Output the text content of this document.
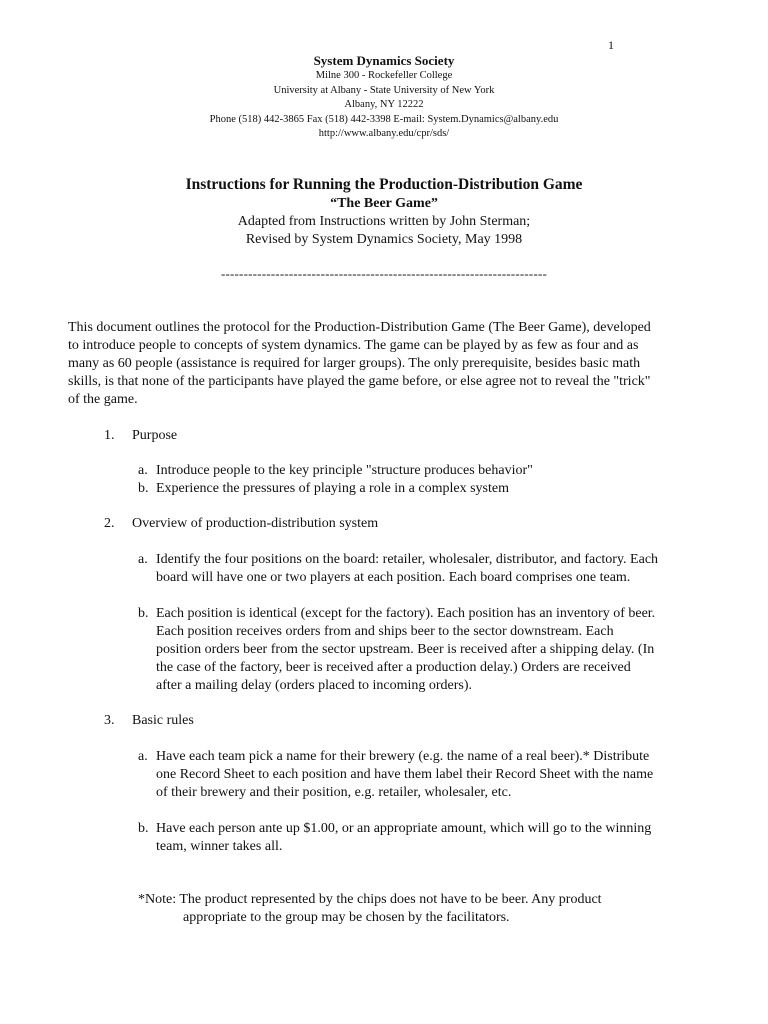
1
System Dynamics Society
Milne 300 - Rockefeller College
University at Albany - State University of New York
Albany, NY 12222
Phone (518) 442-3865 Fax (518) 442-3398 E-mail: System.Dynamics@albany.edu
http://www.albany.edu/cpr/sds/
Instructions for Running the Production-Distribution Game
“The Beer Game”
Adapted from Instructions written by John Sterman;
Revised by System Dynamics Society, May 1998
------------------------------------------------------------------------
This document outlines the protocol for the Production-Distribution Game (The Beer Game), developed
to introduce people to concepts of system dynamics. The game can be played by as few as four and as
many as 60 people (assistance is required for larger groups). The only prerequisite, besides basic math
skills, is that none of the participants have played the game before, or else agree not to reveal the "trick"
of the game.
1. Purpose
a. Introduce people to the key principle "structure produces behavior"
b. Experience the pressures of playing a role in a complex system
2. Overview of production-distribution system
a. Identify the four positions on the board: retailer, wholesaler, distributor, and factory. Each
board will have one or two players at each position. Each board comprises one team.
b. Each position is identical (except for the factory). Each position has an inventory of beer.
Each position receives orders from and ships beer to the sector downstream. Each
position orders beer from the sector upstream. Beer is received after a shipping delay. (In
the case of the factory, beer is received after a production delay.) Orders are received
after a mailing delay (orders placed to incoming orders).
3. Basic rules
a. Have each team pick a name for their brewery (e.g. the name of a real beer).* Distribute
one Record Sheet to each position and have them label their Record Sheet with the name
of their brewery and their position, e.g. retailer, wholesaler, etc.
b. Have each person ante up $1.00, or an appropriate amount, which will go to the winning
team, winner takes all.
*Note: The product represented by the chips does not have to be beer. Any product
appropriate to the group may be chosen by the facilitators.
